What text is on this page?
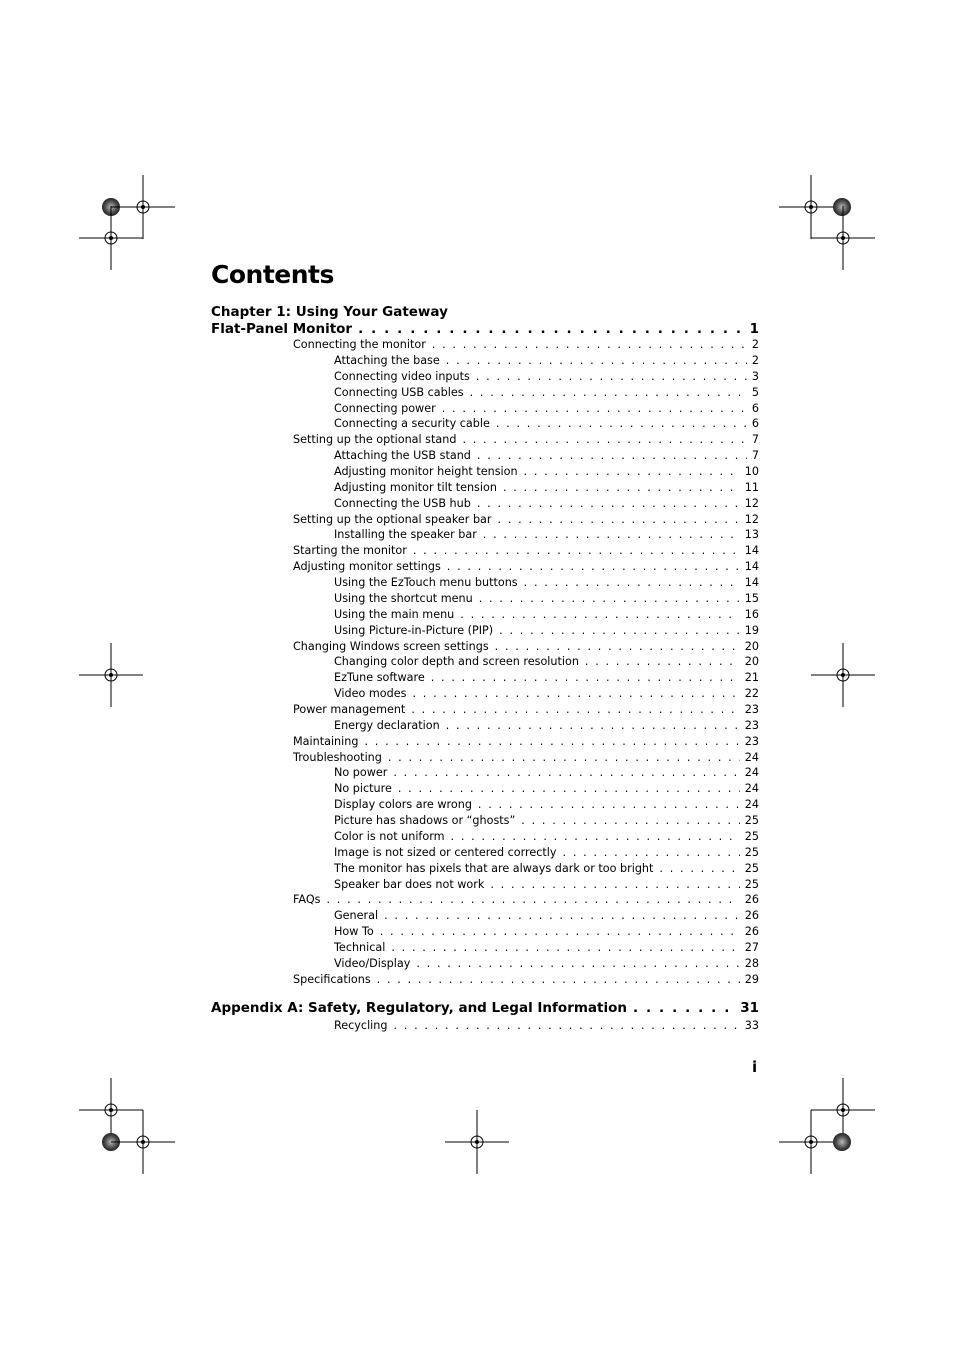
Contents
Chapter 1: Using Your Gateway
Flat-Panel Monitor . . .	1
Connecting the monitor . . .	2
Attaching the base . . .	2
Connecting video inputs . . .	3
Connecting USB cables . . .	5
Connecting power . . .	6
Connecting a security cable . . .	6
Setting up the optional stand . . .	7
Attaching the USB stand . . .	7
Adjusting monitor height tension . . .	10
Adjusting monitor tilt tension . . .	11
Connecting the USB hub . . .	12
Setting up the optional speaker bar . . .	12
Installing the speaker bar . . .	13
Starting the monitor . . .	14
Adjusting monitor settings . . .	14
Using the EzTouch menu buttons . . .	14
Using the shortcut menu . . .	15
Using the main menu . . .	16
Using Picture-in-Picture (PIP) . . .	19
Changing Windows screen settings . . .	20
Changing color depth and screen resolution . . .	20
EzTune software . . .	21
Video modes . . .	22
Power management . . .	23
Energy declaration . . .	23
Maintaining . . .	23
Troubleshooting . . .	24
No power . . .	24
No picture . . .	24
Display colors are wrong . . .	24
Picture has shadows or “ghosts” . . .	25
Color is not uniform . . .	25
Image is not sized or centered correctly . . .	25
The monitor has pixels that are always dark or too bright . . .	25
Speaker bar does not work . . .	25
FAQs . . .	26
General . . .	26
How To . . .	26
Technical . . .	27
Video/Display . . .	28
Specifications . . .	29
Appendix A: Safety, Regulatory, and Legal Information . . .	31
Recycling . . .	33
i
